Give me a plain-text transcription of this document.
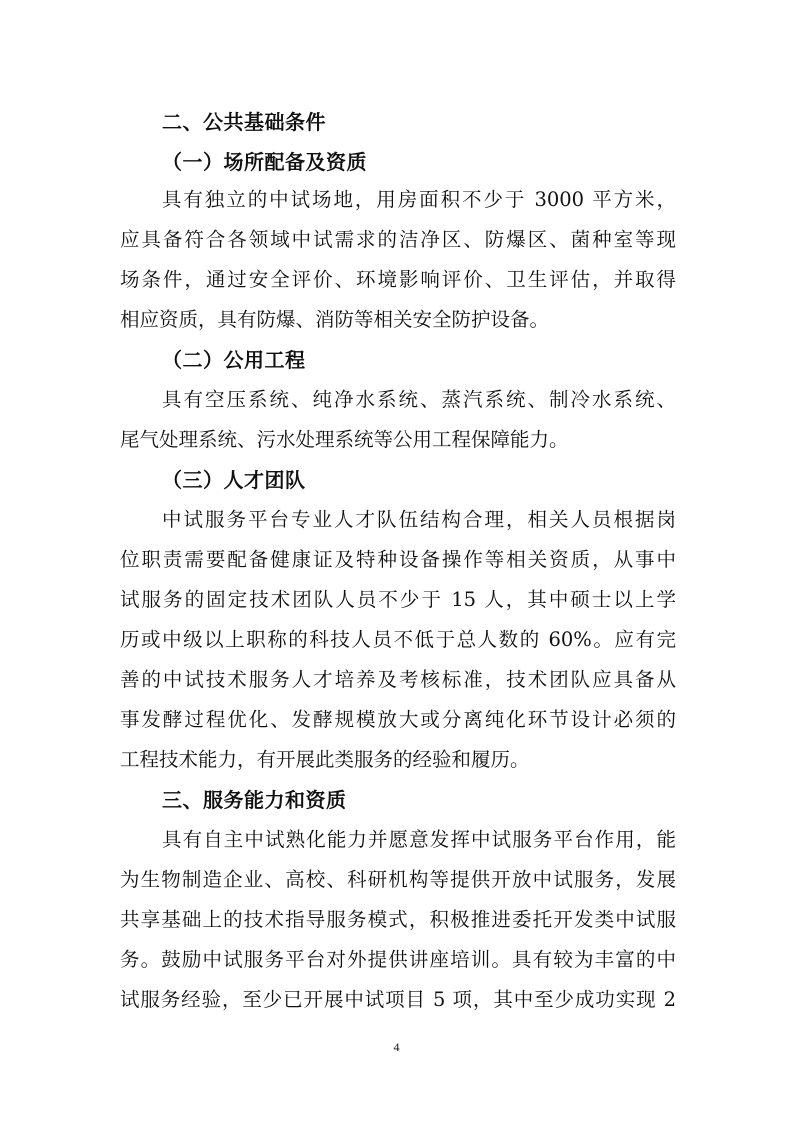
二、公共基础条件
（一）场所配备及资质

具有独立的中试场地，用房面积不少于 3000 平方米，

应具备符合各领域中试需求的洁净区、防爆区、菌种室等现

场条件，通过安全评价、环境影响评价、卫生评估，并取得

相应资质，具有防爆、消防等相关安全防护设备。

（二）公用工程

具有空压系统、纯净水系统、蒸汽系统、制冷水系统、

尾气处理系统、污水处理系统等公用工程保障能力。

（三）人才团队

中试服务平台专业人才队伍结构合理，相关人员根据岗

位职责需要配备健康证及特种设备操作等相关资质，从事中

试服务的固定技术团队人员不少于 15 人，其中硕士以上学

历或中级以上职称的科技人员不低于总人数的 60%。应有完

善的中试技术服务人才培养及考核标准，技术团队应具备从

事发酵过程优化、发酵规模放大或分离纯化环节设计必须的

工程技术能力，有开展此类服务的经验和履历。

三、服务能力和资质

具有自主中试熟化能力并愿意发挥中试服务平台作用，能

为生物制造企业、高校、科研机构等提供开放中试服务，发展

共享基础上的技术指导服务模式，积极推进委托开发类中试服

务。鼓励中试服务平台对外提供讲座培训。具有较为丰富的中

试服务经验，至少已开展中试项目 5 项，其中至少成功实现 2

4
